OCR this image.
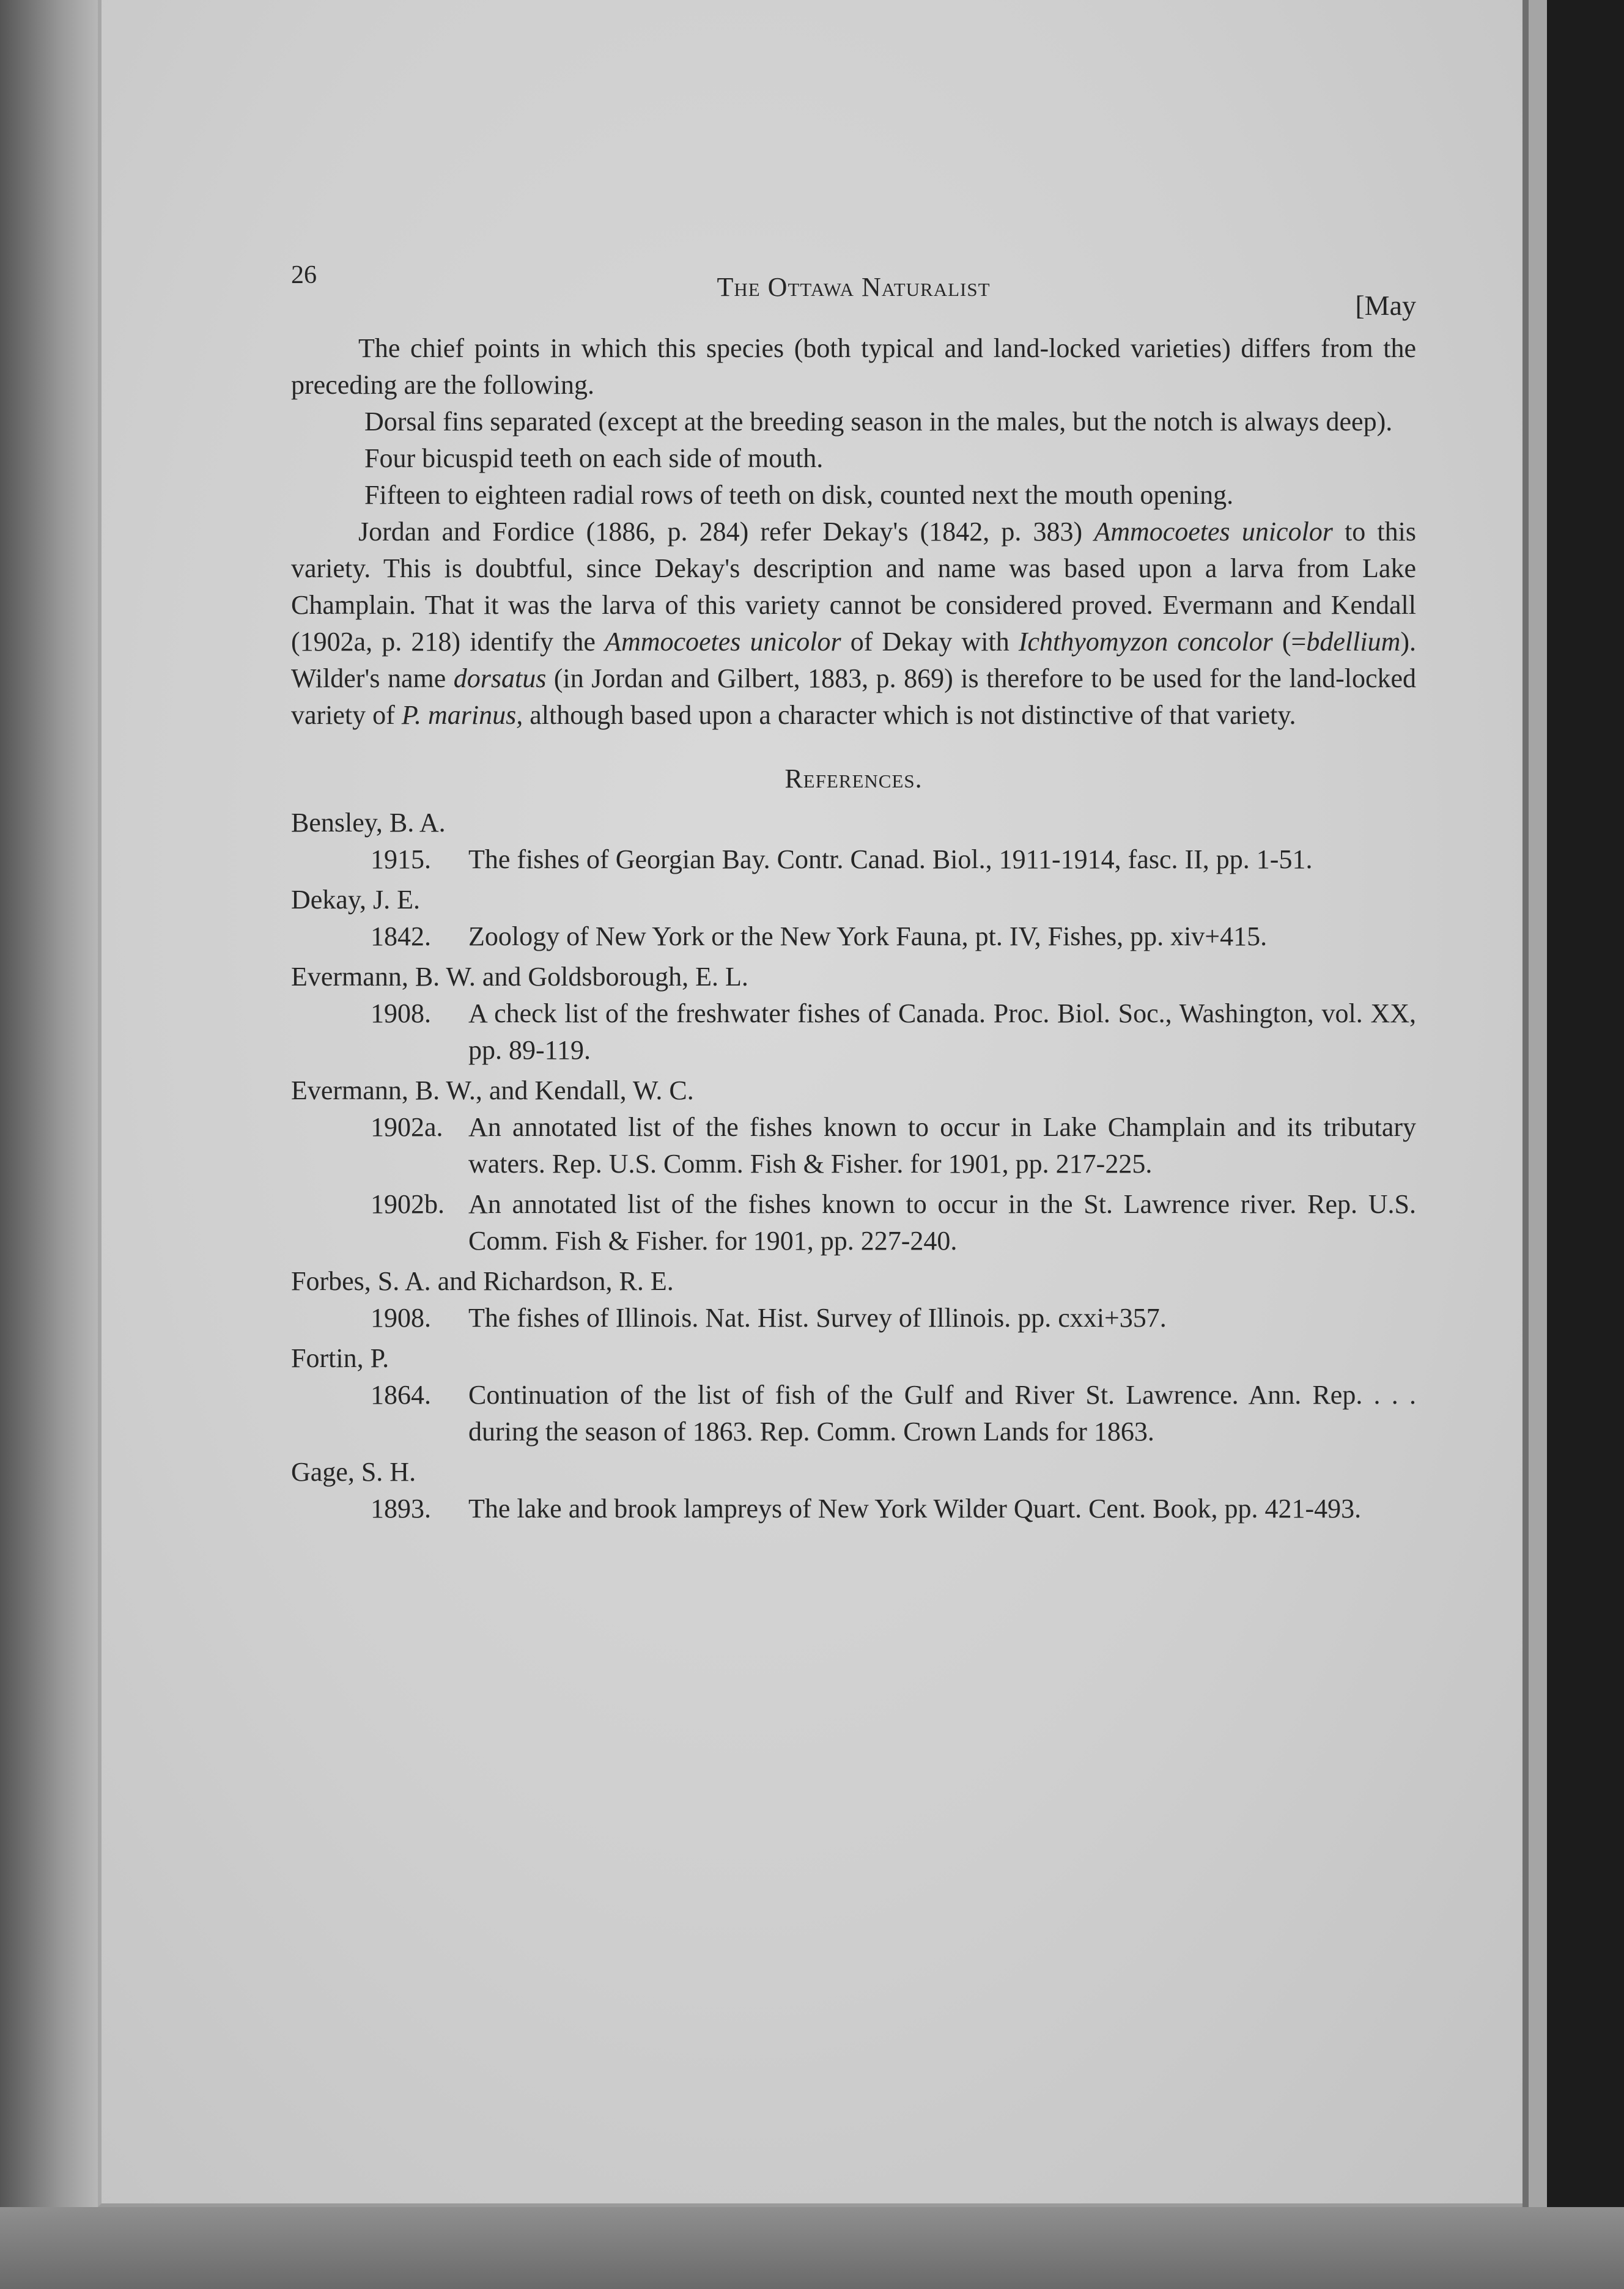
26	The Ottawa Naturalist
[May

The chief points in which this species (both typical and land-locked varieties) differs from the preceding are the following.

Dorsal fins separated (except at the breeding season in the males, but the notch is always deep).

Four bicuspid teeth on each side of mouth.

Fifteen to eighteen radial rows of teeth on disk, counted next the mouth opening.

Jordan and Fordice (1886, p. 284) refer Dekay's (1842, p. 383) Ammocoetes unicolor to this variety. This is doubtful, since Dekay's description and name was based upon a larva from Lake Champlain. That it was the larva of this variety cannot be considered proved. Evermann and Kendall (1902a, p. 218) identify the Ammocoetes unicolor of Dekay with Ichthyomyzon concolor (=bdellium). Wilder's name dorsatus (in Jordan and Gilbert, 1883, p. 869) is therefore to be used for the land-locked variety of P. marinus, although based upon a character which is not distinctive of that variety.

References.

Bensley, B. A.

1915.	The fishes of Georgian Bay. Contr. Canad. Biol., 1911-1914, fasc. II, pp. 1-51.

Dekay, J. E.

1842.	Zoology of New York or the New York Fauna, pt. IV, Fishes, pp. xiv+415.

Evermann, B. W. and Goldsborough, E. L.

1908.	A check list of the freshwater fishes of Canada. Proc. Biol. Soc., Washington, vol. XX, pp. 89-119.

Evermann, B. W., and Kendall, W. C.

1902a. An annotated list of the fishes known to occur in Lake Champlain and its tributary waters. Rep. U.S. Comm. Fish & Fisher. for 1901, pp. 217-225.
1902b. An annotated list of the fishes known to occur in the St. Lawrence river. Rep. U.S. Comm. Fish & Fisher. for 1901, pp. 227-240.

Forbes, S. A. and Richardson, R. E.

1908.	The fishes of Illinois. Nat. Hist. Survey of Illinois. pp. cxxi+357.

Fortin, P.

1864.	Continuation of the list of fish of the Gulf and River St. Lawrence. Ann. Rep. . . . during the season of 1863. Rep. Comm. Crown Lands for 1863.

Gage, S. H.

1893.	The lake and brook lampreys of New York Wilder Quart. Cent. Book, pp. 421-493.
